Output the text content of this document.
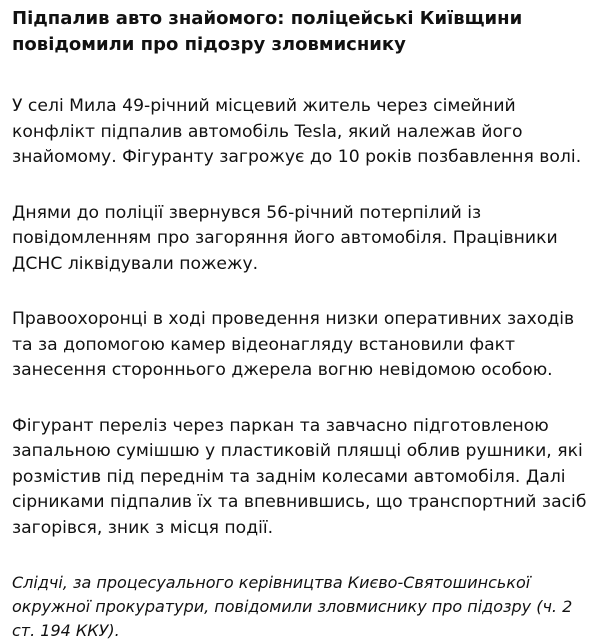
Підпалив авто знайомого: поліцейські Київщини повідомили про підозру зловмиснику

У селі Мила 49-річний місцевий житель через сімейний конфлікт підпалив автомобіль Tesla, який належав його знайомому. Фігуранту загрожує до 10 років позбавлення волі.

Днями до поліції звернувся 56-річний потерпілий із повідомленням про загоряння його автомобіля. Працівники ДСНС ліквідували пожежу.

Правоохоронці в ході проведення низки оперативних заходів та за допомогою камер відеонагляду встановили факт занесення стороннього джерела вогню невідомою особою.

Фігурант переліз через паркан та завчасно підготовленою запальною сумішшю у пластиковій пляшці облив рушники, які розмістив під переднім та заднім колесами автомобіля. Далі сірниками підпалив їх та впевнившись, що транспортний засіб загорівся, зник з місця події.

Слідчі, за процесуального керівництва Києво-Святошинської окружної прокуратури, повідомили зловмиснику про підозру (ч. 2 ст. 194 ККУ).
